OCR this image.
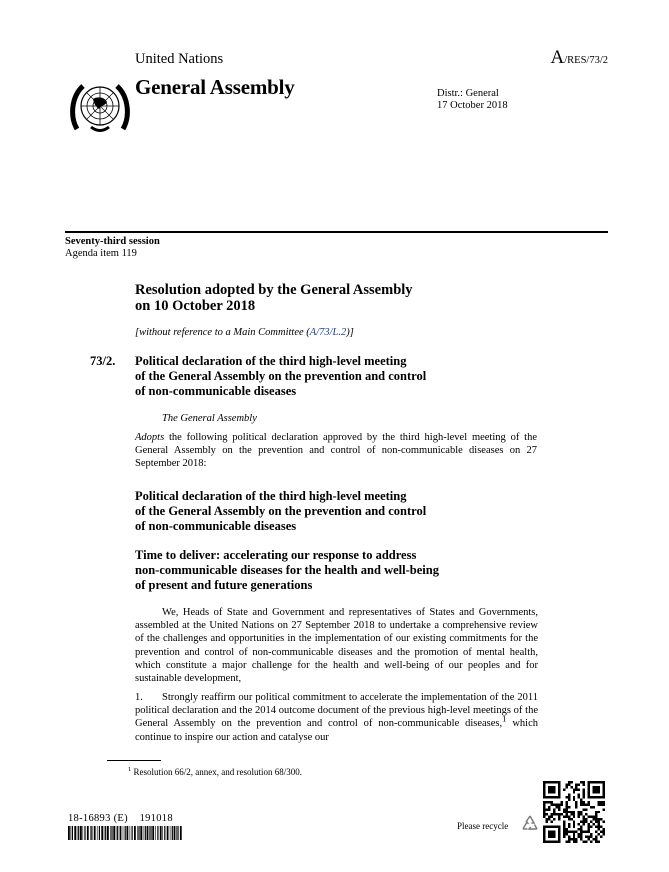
United Nations	A/RES/73/2
General Assembly	Distr.: General
17 October 2018
Seventy-third session
Agenda item 119
Resolution adopted by the General Assembly
on 10 October 2018
[without reference to a Main Committee (A/73/L.2)]
73/2. Political declaration of the third high-level meeting
of the General Assembly on the prevention and control
of non-communicable diseases
The General Assembly
Adopts the following political declaration approved by the third high-level meeting of the General Assembly on the prevention and control of non-communicable diseases on 27 September 2018:
Political declaration of the third high-level meeting
of the General Assembly on the prevention and control
of non-communicable diseases
Time to deliver: accelerating our response to address
non-communicable diseases for the health and well-being
of present and future generations
We, Heads of State and Government and representatives of States and Governments, assembled at the United Nations on 27 September 2018 to undertake a comprehensive review of the challenges and opportunities in the implementation of our existing commitments for the prevention and control of non-communicable diseases and the promotion of mental health, which constitute a major challenge for the health and well-being of our peoples and for sustainable development,
1. Strongly reaffirm our political commitment to accelerate the implementation of the 2011 political declaration and the 2014 outcome document of the previous high-level meetings of the General Assembly on the prevention and control of non-communicable diseases,$^1$ which continue to inspire our action and catalyse our
$^1$ Resolution 66/2, annex, and resolution 68/300.
18-16893 (E)    191018
Please recycle
